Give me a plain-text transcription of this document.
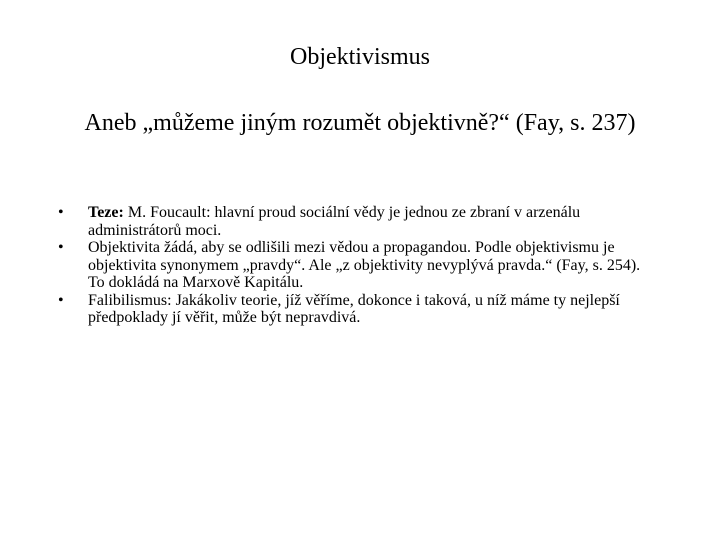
Objektivismus
Aneb „můžeme jiným rozumět objektivně?“ (Fay, s. 237)
• Teze: M. Foucault: hlavní proud sociální vědy je jednou ze zbraní v arzenálu administrátorů moci.
• Objektivita žádá, aby se odlišili mezi vědou a propagandou. Podle objektivismu je objektivita synonymem „pravdy“. Ale „z objektivity nevyplývá pravda.“ (Fay, s. 254). To dokládá na Marxově Kapitálu.
• Falibilismus: Jakákoliv teorie, jíž věříme, dokonce i taková, u níž máme ty nejlepší předpoklady jí věřit, může být nepravdivá.
